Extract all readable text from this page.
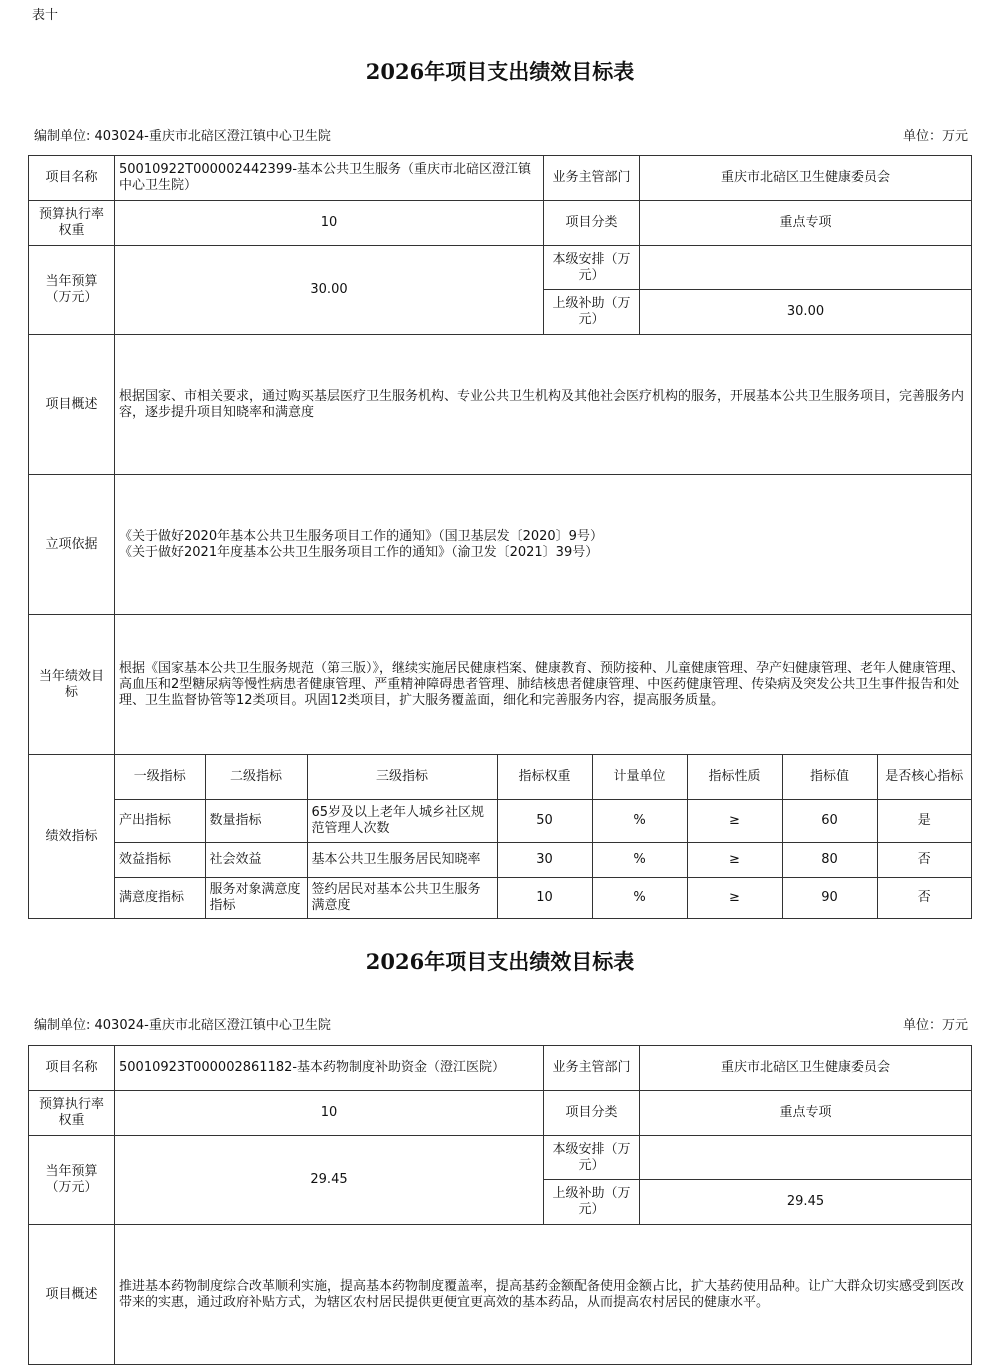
表十
2026年项目支出绩效目标表
编制单位: 403024-重庆市北碚区澄江镇中心卫生院	单位：万元
项目名称	50010922T000002442399-基本公共卫生服务（重庆市北碚区澄江镇中心卫生院）	业务主管部门	重庆市北碚区卫生健康委员会
预算执行率权重	10	项目分类	重点专项
当年预算（万元）	30.00	本级安排（万元）	
上级补助（万元）	30.00
项目概述	根据国家、市相关要求，通过购买基层医疗卫生服务机构、专业公共卫生机构及其他社会医疗机构的服务，开展基本公共卫生服务项目，完善服务内容，逐步提升项目知晓率和满意度
立项依据	
《关于做好2020年基本公共卫生服务项目工作的通知》（国卫基层发〔2020〕9号）
《关于做好2021年度基本公共卫生服务项目工作的通知》（渝卫发〔2021〕39号）

当年绩效目标	根据《国家基本公共卫生服务规范（第三版）》，继续实施居民健康档案、健康教育、预防接种、儿童健康管理、孕产妇健康管理、老年人健康管理、高血压和2型糖尿病等慢性病患者健康管理、严重精神障碍患者管理、肺结核患者健康管理、中医药健康管理、传染病及突发公共卫生事件报告和处理、卫生监督协管等12类项目。巩固12类项目，扩大服务覆盖面，细化和完善服务内容，提高服务质量。
绩效指标	
一级指标	二级指标	三级指标	指标权重	计量单位	指标性质	指标值	是否核心指标
产出指标	数量指标	65岁及以上老年人城乡社区规范管理人次数	50	%	≥	60	是
效益指标	社会效益	基本公共卫生服务居民知晓率	30	%	≥	80	否
满意度指标	服务对象满意度指标	签约居民对基本公共卫生服务满意度	10	%	≥	90	否
2026年项目支出绩效目标表
编制单位: 403024-重庆市北碚区澄江镇中心卫生院	单位：万元
项目名称	50010923T000002861182-基本药物制度补助资金（澄江医院）	业务主管部门	重庆市北碚区卫生健康委员会
预算执行率权重	10	项目分类	重点专项
当年预算（万元）	29.45	本级安排（万元）	
		上级补助（万元）	29.45
项目概述	推进基本药物制度综合改革顺利实施，提高基本药物制度覆盖率，提高基药金额配备使用金额占比，扩大基药使用品种。让广大群众切实感受到医改带来的实惠，通过政府补贴方式，为辖区农村居民提供更便宜更高效的基本药品，从而提高农村居民的健康水平。		
